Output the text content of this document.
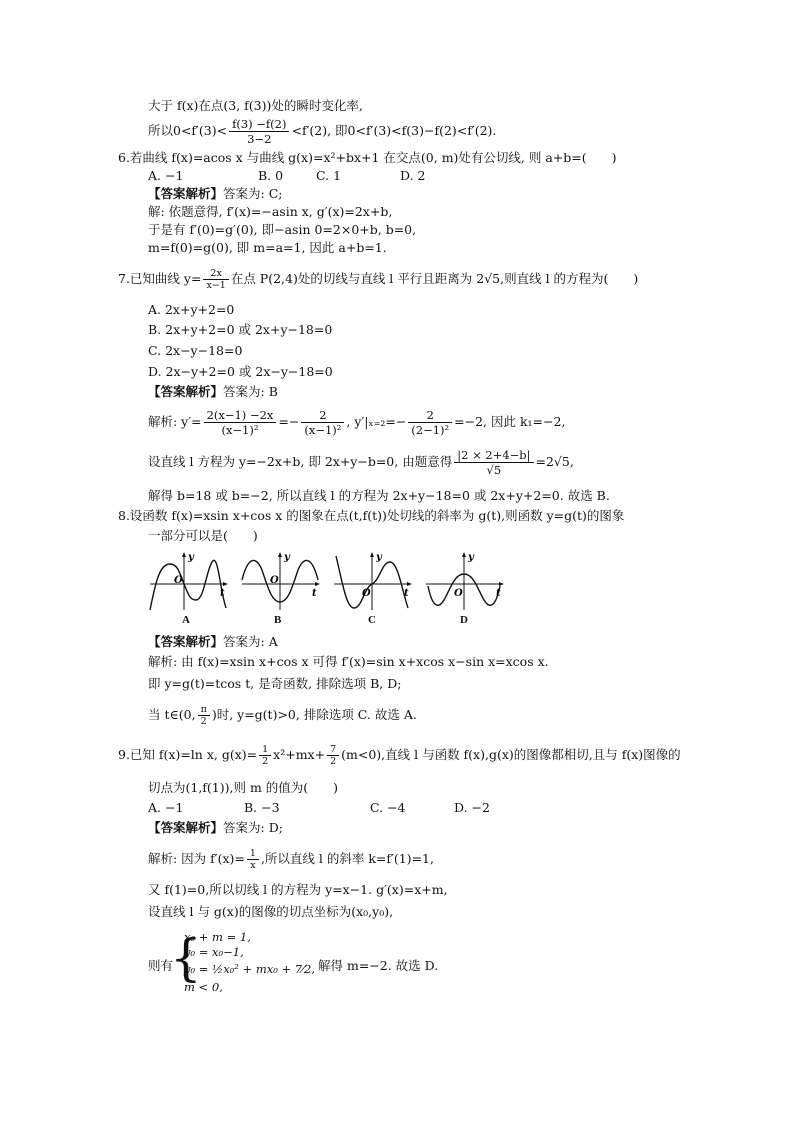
大于 f(x)在点(3, f(3))处的瞬时变化率,
所以$0<f'(3)< \frac{f(3) -f(2)}{3-2} <f'(2)$, 即0<f′(3)<f(3)−f(2)<f′(2).
6.若曲线 f(x)=acos x 与曲线 g(x)=x²+bx+1 在交点(0, m)处有公切线, 则 a+b=(　　)
A. −1	B. 0	C. 1	D. 2
【答案解析】答案为: C;
解: 依题意得, f′(x)=−asin x, g′(x)=2x+b,
于是有 f′(0)=g′(0), 即−asin 0=2×0+b, b=0,
m=f(0)=g(0), 即 m=a=1, 因此 a+b=1.
7.已知曲线 $y= \frac{2x}{x-1}$ 在点 P(2,4)处的切线与直线 l 平行且距离为 2√5,则直线 l 的方程为(　　)
A. 2x+y+2=0
B. 2x+y+2=0 或 2x+y−18=0
C. 2x−y−18=0
D. 2x−y+2=0 或 2x−y−18=0
【答案解析】答案为: B
解析: $y'= \frac{2(x-1) -2x}{\text{(x−1)²}} =- \frac{2}{\text{(x−1)²}}$ , $y'|_{x=2}=- \frac{2}{\text{(2−1)²}} =-2$, 因此 k₁=−2,
设直线 l 方程为 y=−2x+b, 即 2x+y−b=0, 由题意得 $\frac{|2 \times 2+4-b|}{√5} =2√5$,
解得 b=18 或 b=−2, 所以直线 l 的方程为 2x+y−18=0 或 2x+y+2=0. 故选 B.
8.设函数 f(x)=xsin x+cos x 的图象在点(t,f(t))处切线的斜率为 g(t),则函数 y=g(t)的图象
一部分可以是(　　)
y
O
t
A
y
O
t
B
y
O	t
C
y
O	t
D
【答案解析】答案为: A
解析: 由 f(x)=xsin x+cos x 可得 f′(x)=sin x+xcos x−sin x=xcos x.
即 y=g(t)=tcos t, 是奇函数, 排除选项 B, D;
当 t∈(0, $\frac{\pi}{2}$ )时, y=g(t)>0, 排除选项 C. 故选 A.
9.已知 f(x)=ln x, $g(x)= \frac{1}{2} x^2+mx+ \frac{7}{2} (m<0)$,直线 l 与函数 f(x),g(x)的图像都相切,且与 f(x)图像的
切点为(1,f(1)),则 m 的值为(　　)
A. −1	B. −3	C. −4	D. −2
【答案解析】答案为: D;
解析: 因为 $f'(x)= \frac{1}{x}$ ,所以直线 l 的斜率 k=f′(1)=1,
又 f(1)=0,所以切线 l 的方程为 y=x−1. g′(x)=x+m,
设直线 l 与 g(x)的图像的切点坐标为(x₀,y₀),
则有
{
x₀ + m = 1,
y₀ = x₀−1,
y₀ = ½x₀² + mx₀ + 7⁄2,
m < 0,
解得 m=−2. 故选 D.
